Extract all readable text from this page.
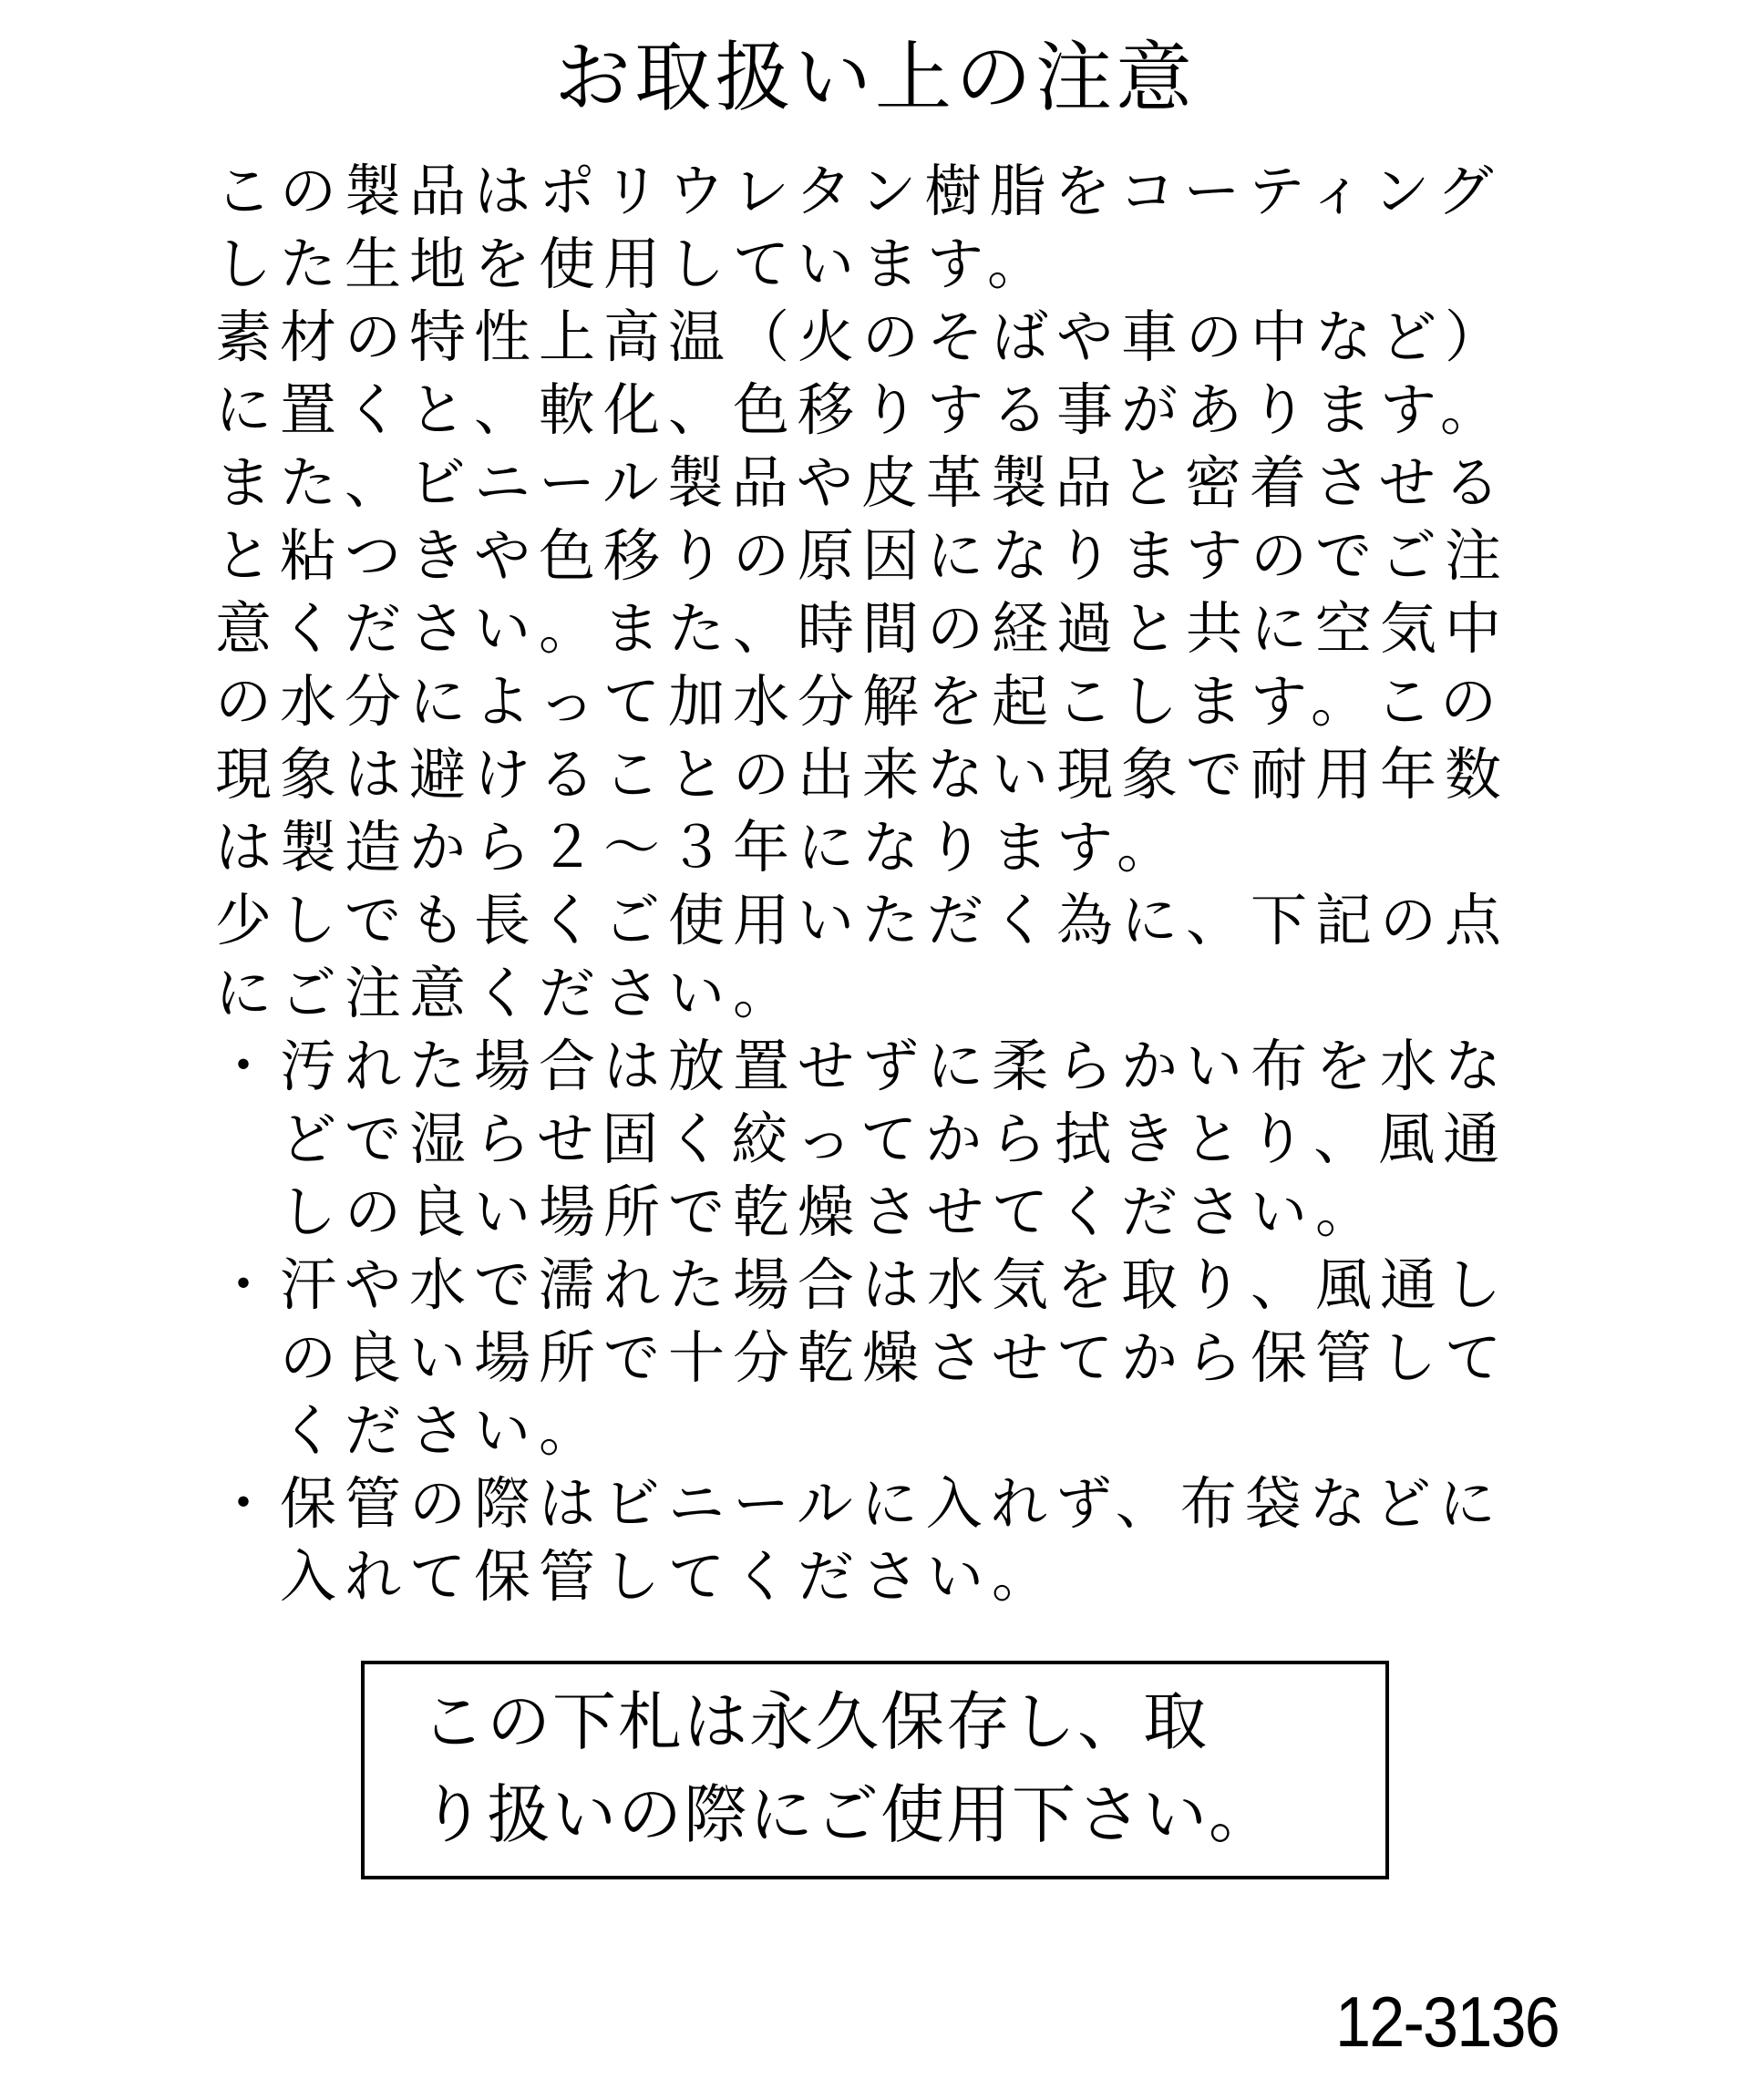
お取扱い上の注意
この製品はポリウレタン樹脂をコーティング
した生地を使用しています。
素材の特性上高温（火のそばや車の中など）
に置くと、軟化、色移りする事があります。
また、ビニール製品や皮革製品と密着させる
と粘つきや色移りの原因になりますのでご注
意ください。また、時間の経過と共に空気中
の水分によって加水分解を起こします。この
現象は避けることの出来ない現象で耐用年数
は製造から２～３年になります。
少しでも長くご使用いただく為に、下記の点
にご注意ください。
・汚れた場合は放置せずに柔らかい布を水な
　どで湿らせ固く絞ってから拭きとり、風通
　しの良い場所で乾燥させてください。
・汗や水で濡れた場合は水気を取り、風通し
　の良い場所で十分乾燥させてから保管して
　ください。
・保管の際はビニールに入れず、布袋などに
　入れて保管してください。
この下札は永久保存し、取
り扱いの際にご使用下さい。
12-3136
